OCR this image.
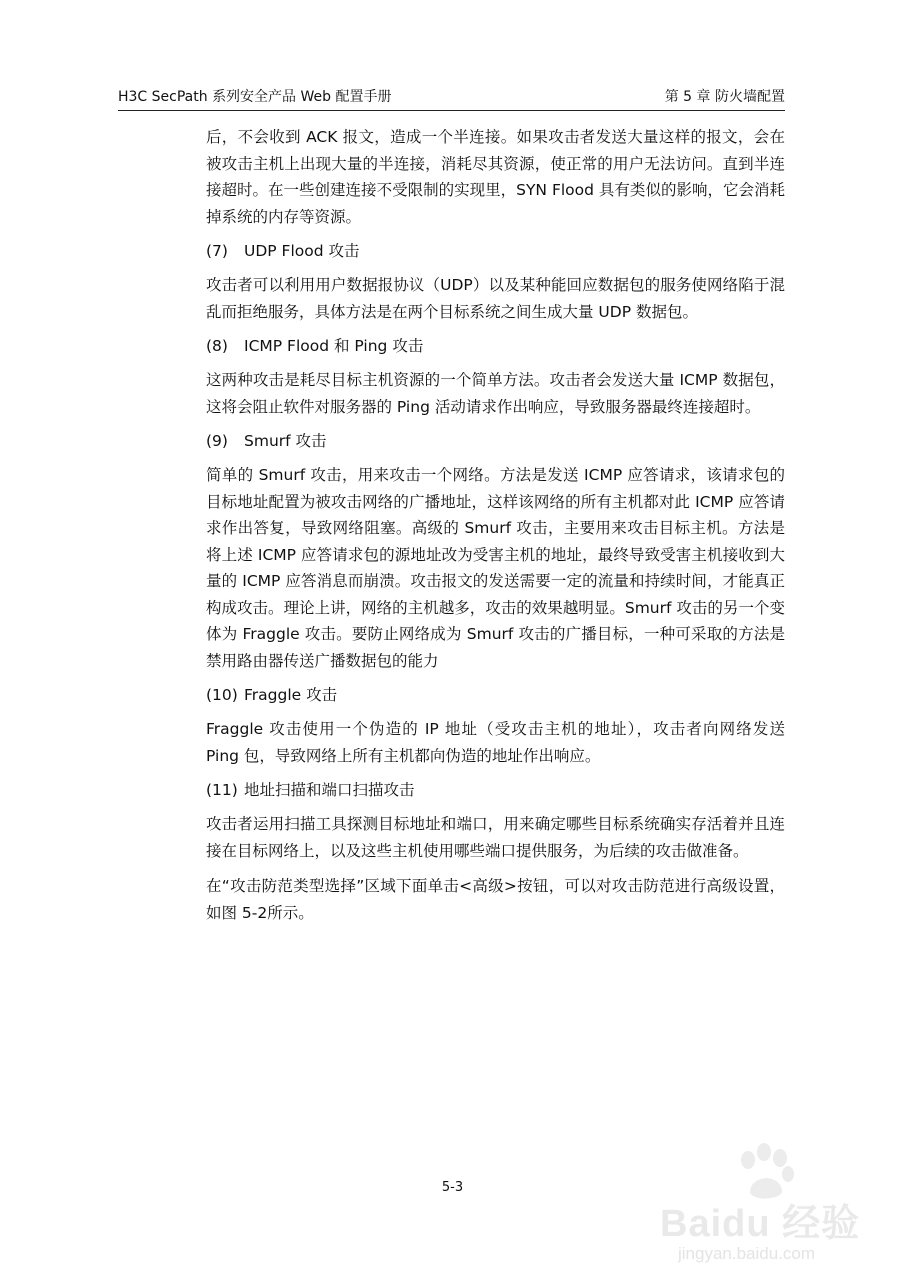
H3C SecPath 系列安全产品 Web 配置手册	第 5 章 防火墙配置

后，不会收到 ACK 报文，造成一个半连接。如果攻击者发送大量这样的报文，会在被攻击主机上出现大量的半连接，消耗尽其资源，使正常的用户无法访问。直到半连接超时。在一些创建连接不受限制的实现里，SYN Flood 具有类似的影响，它会消耗掉系统的内存等资源。

(7) UDP Flood 攻击

攻击者可以利用用户数据报协议（UDP）以及某种能回应数据包的服务使网络陷于混乱而拒绝服务，具体方法是在两个目标系统之间生成大量 UDP 数据包。

(8) ICMP Flood 和 Ping 攻击

这两种攻击是耗尽目标主机资源的一个简单方法。攻击者会发送大量 ICMP 数据包，这将会阻止软件对服务器的 Ping 活动请求作出响应，导致服务器最终连接超时。

(9) Smurf 攻击

简单的 Smurf 攻击，用来攻击一个网络。方法是发送 ICMP 应答请求，该请求包的目标地址配置为被攻击网络的广播地址，这样该网络的所有主机都对此 ICMP 应答请求作出答复，导致网络阻塞。高级的 Smurf 攻击，主要用来攻击目标主机。方法是将上述 ICMP 应答请求包的源地址改为受害主机的地址，最终导致受害主机接收到大量的 ICMP 应答消息而崩溃。攻击报文的发送需要一定的流量和持续时间，才能真正构成攻击。理论上讲，网络的主机越多，攻击的效果越明显。Smurf 攻击的另一个变体为 Fraggle 攻击。要防止网络成为 Smurf 攻击的广播目标，一种可采取的方法是禁用路由器传送广播数据包的能力

(10) Fraggle 攻击

Fraggle 攻击使用一个伪造的 IP 地址（受攻击主机的地址），攻击者向网络发送 Ping 包，导致网络上所有主机都向伪造的地址作出响应。

(11) 地址扫描和端口扫描攻击

攻击者运用扫描工具探测目标地址和端口，用来确定哪些目标系统确实存活着并且连接在目标网络上，以及这些主机使用哪些端口提供服务，为后续的攻击做准备。

在“攻击防范类型选择”区域下面单击<高级>按钮，可以对攻击防范进行高级设置，如图 5-2所示。

5-3
Baidu 经验
jingyan.baidu.com
